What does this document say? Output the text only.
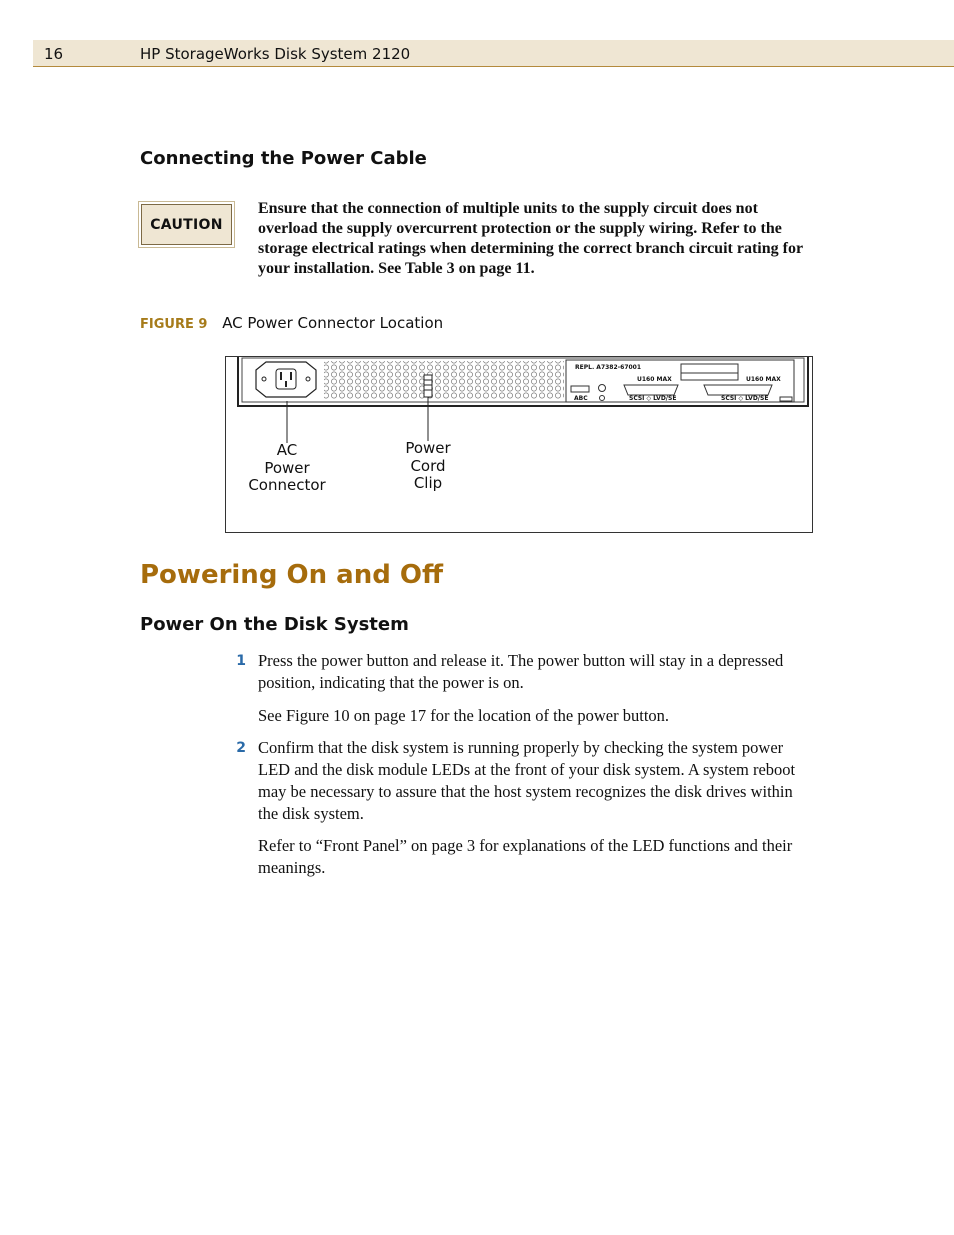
16	HP StorageWorks Disk System 2120
Connecting the Power Cable
CAUTION
Ensure that the connection of multiple units to the supply circuit does not overload the supply overcurrent protection or the supply wiring. Refer to the storage electrical ratings when determining the correct branch circuit rating for your installation. See Table 3 on page 11.
FIGURE 9 AC Power Connector Location
REPL. A7382-67001
U160 MAX	U160 MAX
ABC	SCSI ◇ LVD/SE	SCSI ◇ LVD/SE
AC
Power
Connector
Power
Cord
Clip
Powering On and Off
Power On the Disk System
1 Press the power button and release it. The power button will stay in a depressed position, indicating that the power is on.
See Figure 10 on page 17 for the location of the power button.
2 Confirm that the disk system is running properly by checking the system power LED and the disk module LEDs at the front of your disk system. A system reboot may be necessary to assure that the host system recognizes the disk drives within the disk system.
Refer to “Front Panel” on page 3 for explanations of the LED functions and their meanings.
